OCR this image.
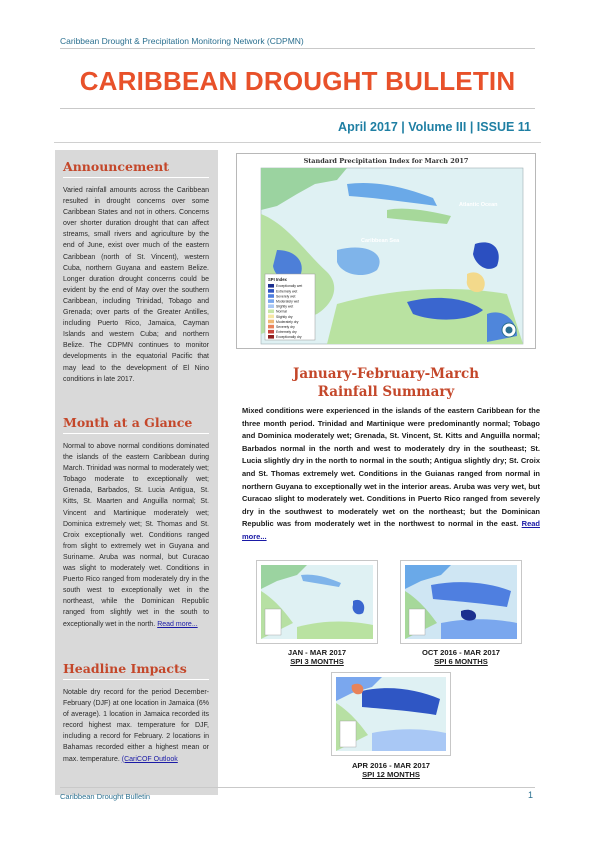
Caribbean Drought & Precipitation Monitoring Network (CDPMN)
CARIBBEAN DROUGHT BULLETIN
April 2017 | Volume III | ISSUE 11
Announcement
Varied rainfall amounts across the Caribbean resulted in drought concerns over some Caribbean States and not in others. Concerns over shorter duration drought that can affect streams, small rivers and agriculture by the end of June, exist over much of the eastern Caribbean (north of St. Vincent), western Cuba, northern Guyana and eastern Belize. Longer duration drought concerns could be evident by the end of May over the southern Caribbean, including Trinidad, Tobago and Grenada; over parts of the Greater Antilles, including Puerto Rico, Jamaica, Cayman Islands and western Cuba; and northern Belize. The CDPMN continues to monitor developments in the equatorial Pacific that may lead to the development of El Nino conditions in late 2017.
Month at a Glance
Normal to above normal conditions dominated the islands of the eastern Caribbean during March. Trinidad was normal to moderately wet; Tobago moderate to exceptionally wet; Grenada, Barbados, St. Lucia Antigua, St. Kitts, St. Maarten and Anguilla normal; St. Vincent and Martinique moderately wet; Dominica extremely wet; St. Thomas and St. Croix exceptionally wet. Conditions ranged from slight to extremely wet in Guyana and Suriname. Aruba was normal, but Curacao was slight to moderately wet. Conditions in Puerto Rico ranged from moderately dry in the south west to exceptionally wet in the northeast, while the Dominican Republic ranged from slightly wet in the south to exceptionally wet in the north. Read more...
Headline Impacts
Notable dry record for the period December-February (DJF) at one location in Jamaica (6% of average). 1 location in Jamaica recorded its record highest max. temperature for DJF, including a record for February. 2 locations in Bahamas recorded either a highest mean or max. temperature. (CariCOF Outlook
Standard Precipitation Index for March 2017
Atlantic Ocean
Caribbean Sea
SPI Index
Exceptionally wet
Extremely wet
Severely wet
Moderately wet
Slightly wet
Normal
Slightly dry
Moderately dry
Severely dry
Extremely dry
Exceptionally dry
January-February-March
Rainfall Summary
Mixed conditions were experienced in the islands of the eastern Caribbean for the three month period. Trinidad and Martinique were predominantly normal; Tobago and Dominica moderately wet; Grenada, St. Vincent, St. Kitts and Anguilla normal; Barbados normal in the north and west to moderately dry in the southeast; St. Lucia slightly dry in the north to normal in the south; Antigua slightly dry; St. Croix and St. Thomas extremely wet. Conditions in the Guianas ranged from normal in northern Guyana to exceptionally wet in the interior areas. Aruba was very wet, but Curacao slight to moderately wet. Conditions in Puerto Rico ranged from severely dry in the southwest to moderately wet on the northeast; but the Dominican Republic was from moderately wet in the northwest to normal in the east. Read more...
JAN - MAR 2017
SPI 3 MONTHS
OCT 2016 - MAR 2017
SPI 6 MONTHS
APR 2016 - MAR 2017
SPI 12 MONTHS
Caribbean Drought Bulletin	1
